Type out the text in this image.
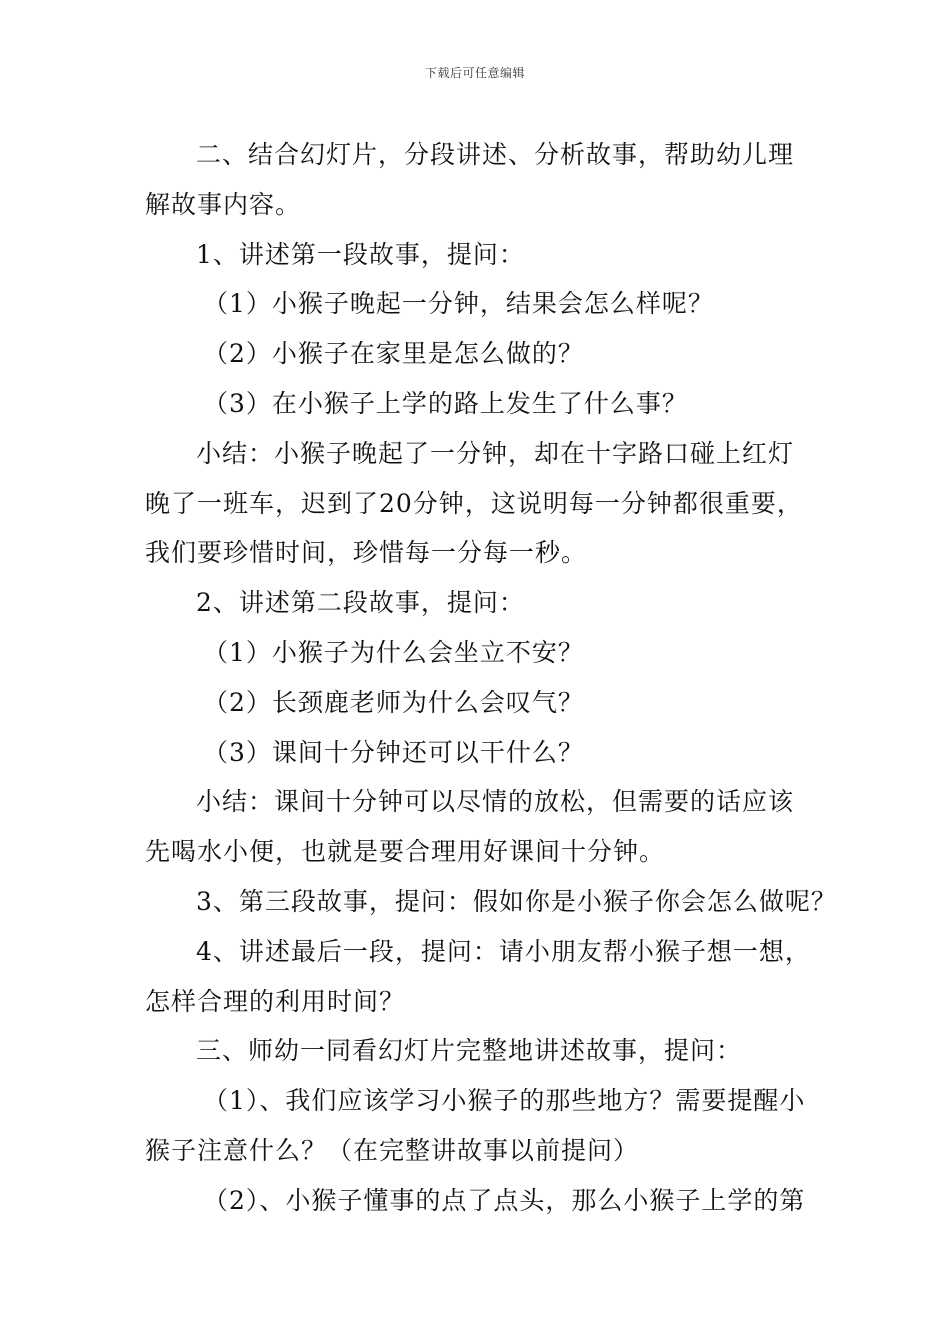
下载后可任意编辑
二、结合幻灯片，分段讲述、分析故事，帮助幼儿理
解故事内容。
1、讲述第一段故事，提问：
（1）小猴子晚起一分钟，结果会怎么样呢？
（2）小猴子在家里是怎么做的？
（3）在小猴子上学的路上发生了什么事？
小结：小猴子晚起了一分钟，却在十字路口碰上红灯
晚了一班车，迟到了20分钟，这说明每一分钟都很重要，
我们要珍惜时间，珍惜每一分每一秒。
2、讲述第二段故事，提问：
（1）小猴子为什么会坐立不安？
（2）长颈鹿老师为什么会叹气？
（3）课间十分钟还可以干什么？
小结：课间十分钟可以尽情的放松，但需要的话应该
先喝水小便，也就是要合理用好课间十分钟。
3、第三段故事，提问：假如你是小猴子你会怎么做呢？
4、讲述最后一段，提问：请小朋友帮小猴子想一想，
怎样合理的利用时间？
三、师幼一同看幻灯片完整地讲述故事，提问：
（1）、我们应该学习小猴子的那些地方？需要提醒小
猴子注意什么？（在完整讲故事以前提问）
（2）、小猴子懂事的点了点头，那么小猴子上学的第
